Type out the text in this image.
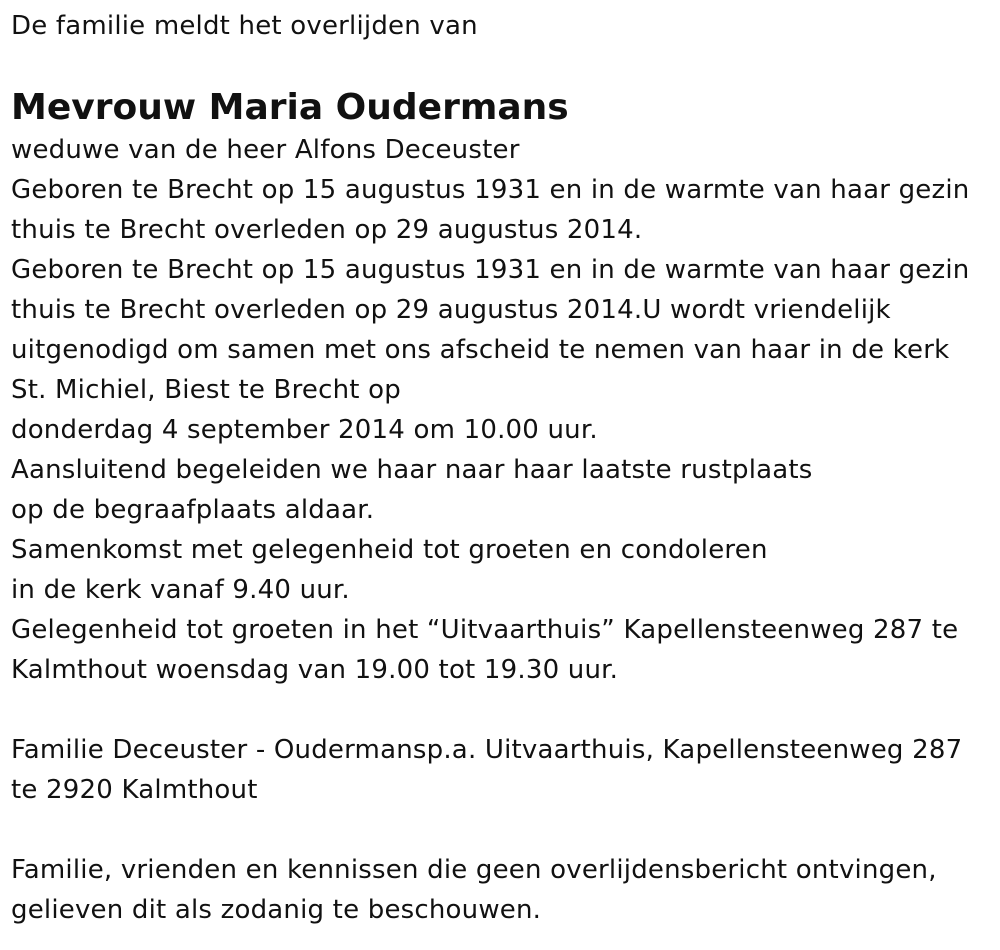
De familie meldt het overlijden van
Mevrouw Maria Oudermans
weduwe van de heer Alfons Deceuster
Geboren te Brecht op 15 augustus 1931 en in de warmte van haar gezin
thuis te Brecht overleden op 29 augustus 2014.
Geboren te Brecht op 15 augustus 1931 en in de warmte van haar gezin
thuis te Brecht overleden op 29 augustus 2014.U wordt vriendelijk
uitgenodigd om samen met ons afscheid te nemen van haar in de kerk
St. Michiel, Biest te Brecht op
donderdag 4 september 2014 om 10.00 uur.
Aansluitend begeleiden we haar naar haar laatste rustplaats
op de begraafplaats aldaar.
Samenkomst met gelegenheid tot groeten en condoleren
in de kerk vanaf 9.40 uur.
Gelegenheid tot groeten in het “Uitvaarthuis” Kapellensteenweg 287 te
Kalmthout woensdag van 19.00 tot 19.30 uur.
Familie Deceuster - Oudermansp.a. Uitvaarthuis, Kapellensteenweg 287
te 2920 Kalmthout
Familie, vrienden en kennissen die geen overlijdensbericht ontvingen,
gelieven dit als zodanig te beschouwen.
